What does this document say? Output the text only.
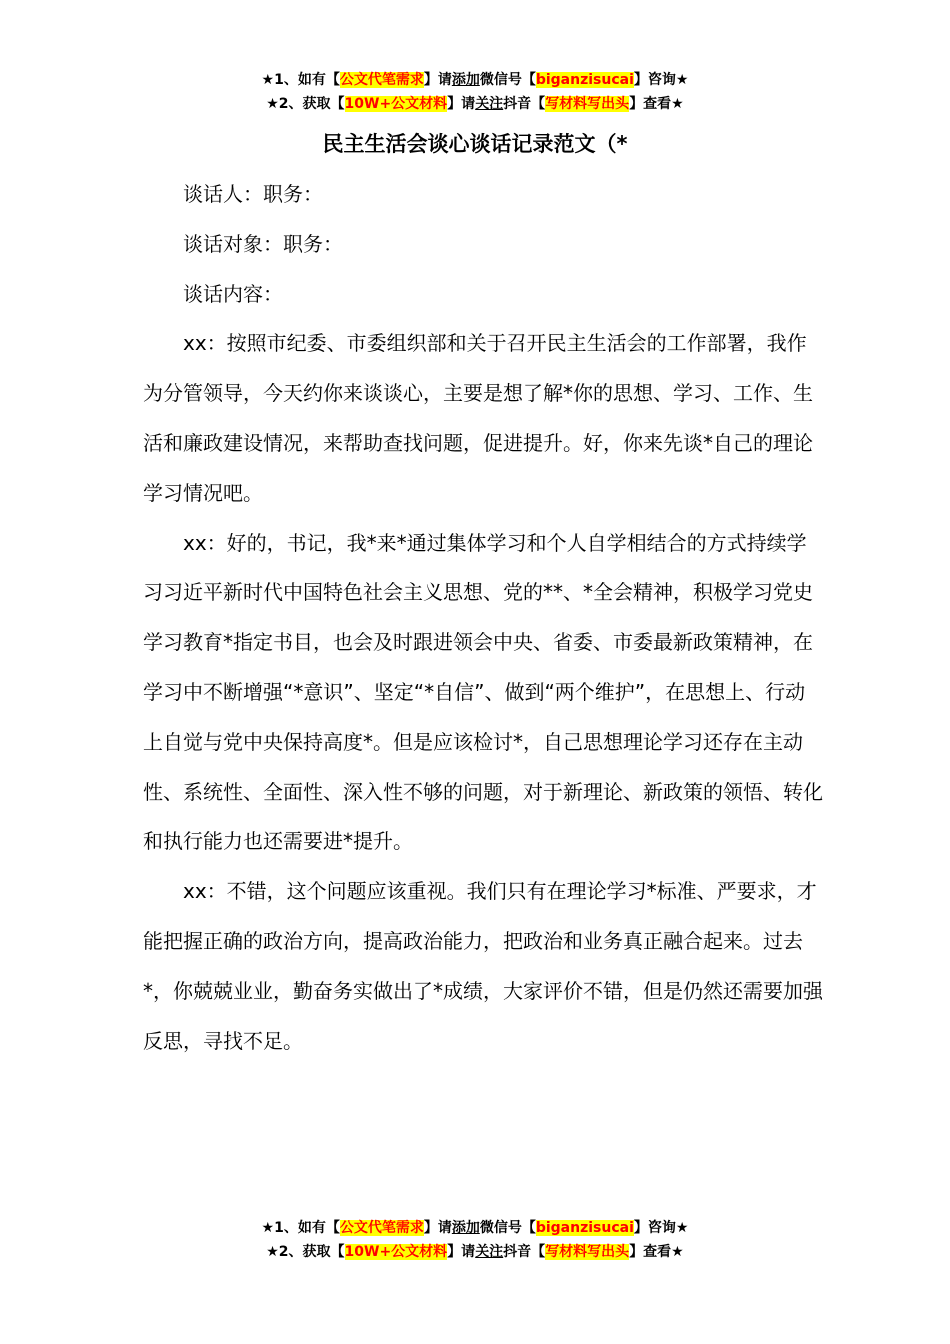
★1、如有【公文代笔需求】请添加微信号【biganzisucai】咨询★
★2、获取【10W+公文材料】请关注抖音【写材料写出头】查看★
民主生活会谈心谈话记录范文（*

谈话人：职务：

谈话对象：职务：

谈话内容：

xx：按照市纪委、市委组织部和关于召开民主生活会的工作部署，我作为分管领导，今天约你来谈谈心，主要是想了解*你的思想、学习、工作、生活和廉政建设情况，来帮助查找问题，促进提升。好，你来先谈*自己的理论学习情况吧。

xx：好的，书记，我*来*通过集体学习和个人自学相结合的方式持续学习习近平新时代中国特色社会主义思想、党的**、*全会精神，积极学习党史学习教育*指定书目，也会及时跟进领会中央、省委、市委最新政策精神，在学习中不断增强“*意识”、坚定“*自信”、做到“两个维护”，在思想上、行动上自觉与党中央保持高度*。但是应该检讨*，自己思想理论学习还存在主动性、系统性、全面性、深入性不够的问题，对于新理论、新政策的领悟、转化和执行能力也还需要进*提升。

xx：不错，这个问题应该重视。我们只有在理论学习*标准、严要求，才能把握正确的政治方向，提高政治能力，把政治和业务真正融合起来。过去*，你兢兢业业，勤奋务实做出了*成绩，大家评价不错，但是仍然还需要加强反思，寻找不足。

★1、如有【公文代笔需求】请添加微信号【biganzisucai】咨询★
★2、获取【10W+公文材料】请关注抖音【写材料写出头】查看★
